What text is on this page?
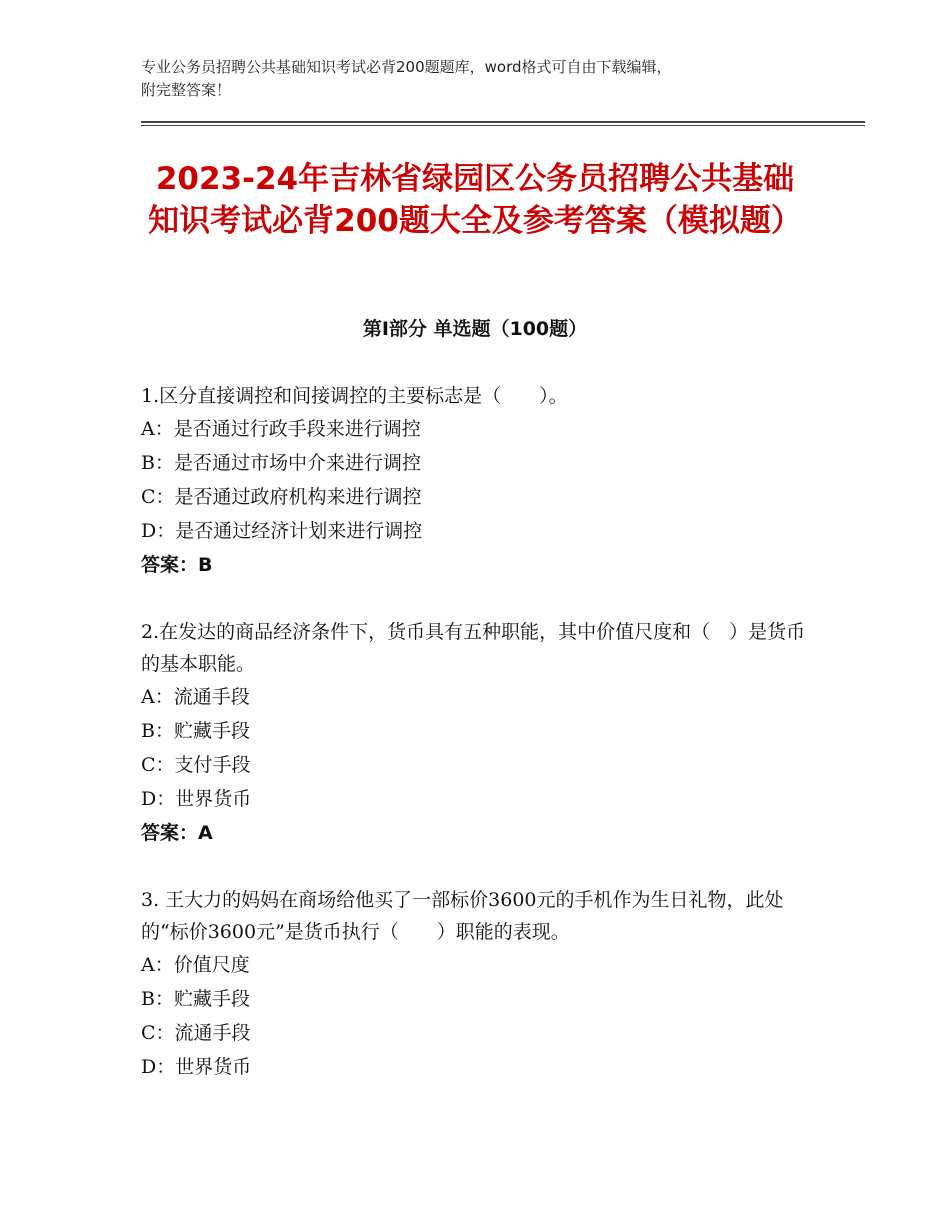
专业公务员招聘公共基础知识考试必背200题题库，word格式可自由下载编辑，
附完整答案！
2023-24年吉林省绿园区公务员招聘公共基础知识考试必背200题大全及参考答案（模拟题）
第Ⅰ部分 单选题（100题）

1.区分直接调控和间接调控的主要标志是（　　）。

A：是否通过行政手段来进行调控

B：是否通过市场中介来进行调控

C：是否通过政府机构来进行调控

D：是否通过经济计划来进行调控

答案：B

2.在发达的商品经济条件下，货币具有五种职能，其中价值尺度和（　）是货币的基本职能。

A：流通手段

B：贮藏手段

C：支付手段

D：世界货币

答案：A

3. 王大力的妈妈在商场给他买了一部标价3600元的手机作为生日礼物，此处的“标价3600元”是货币执行（　　）职能的表现。

A：价值尺度

B：贮藏手段

C：流通手段

D：世界货币
